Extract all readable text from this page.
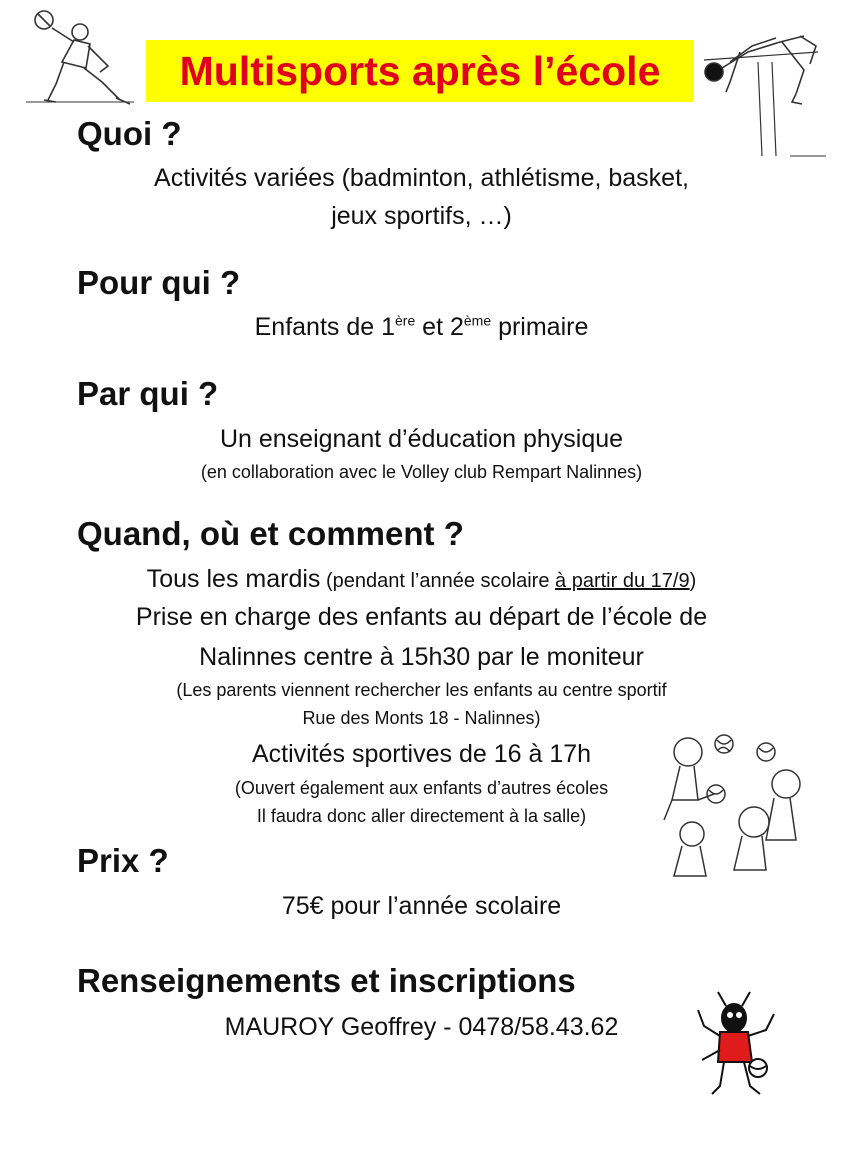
Multisports après l’école
Quoi ?
Activités variées (badminton, athlétisme, basket,
jeux sportifs, …)
Pour qui ?
Enfants de 1ère et 2ème primaire
Par qui ?
Un enseignant d’éducation physique
(en collaboration avec le Volley club Rempart Nalinnes)
Quand, où et comment ?
Tous les mardis (pendant l’année scolaire à partir du 17/9)
Prise en charge des enfants au départ de l’école de
Nalinnes centre à 15h30 par le moniteur
(Les parents viennent rechercher les enfants au centre sportif
Rue des Monts 18 - Nalinnes)
Activités sportives de 16 à 17h
(Ouvert également aux enfants d’autres écoles
Il faudra donc aller directement à la salle)
Prix ?
75€ pour l’année scolaire
Renseignements et inscriptions
MAUROY Geoffrey - 0478/58.43.62
